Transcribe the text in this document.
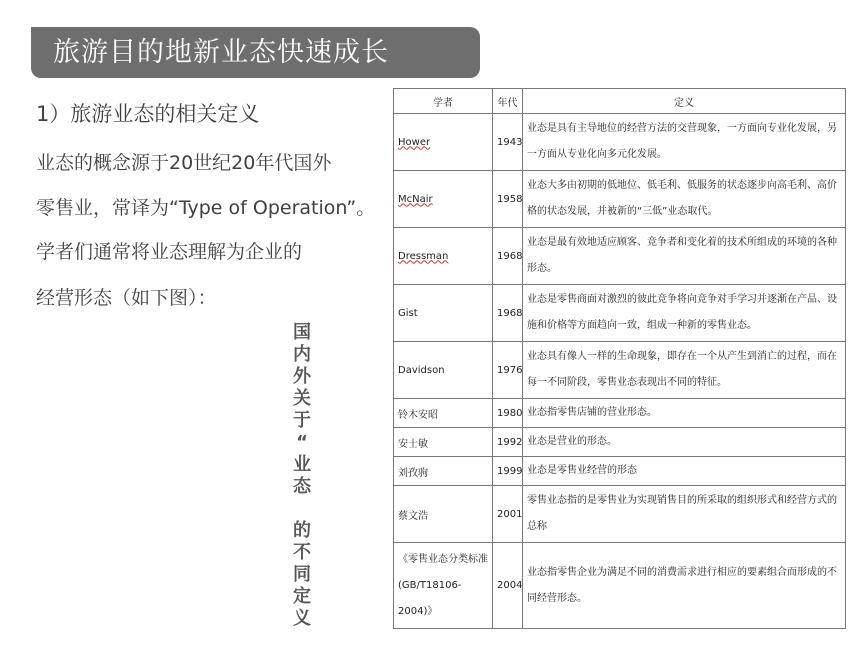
旅游目的地新业态快速成长
1）旅游业态的相关定义
业态的概念源于20世纪20年代国外
零售业，常译为“Type of Operation”。
学者们通常将业态理解为企业的
经营形态（如下图）：
国
内
外
关
于
“
业
态

的
不
同
定
义
学者	年代	定义
Hower	1943	业态是具有主导地位的经营方法的交营现象，一方面向专业化发展，另一方面从专业化向多元化发展。
McNair	1958	业态大多由初期的低地位、低毛利、低服务的状态逐步向高毛利、高价格的状态发展，并被新的“三低”业态取代。
Dressman	1968	业态是最有效地适应顾客、竞争者和变化着的技术所组成的环境的各种形态。
Gist	1968	业态是零售商面对激烈的彼此竞争将向竞争对手学习并逐渐在产品、设施和价格等方面趋向一致，组成一种新的零售业态。
Davidson	1976	业态具有像人一样的生命现象，即存在一个从产生到消亡的过程，而在每一不同阶段，零售业态表现出不同的特征。
铃木安昭	1980	业态指零售店铺的营业形态。
安士敏	1992	业态是营业的形态。
刘孜驹	1999	业态是零售业经营的形态
蔡文浩	2001	零售业态指的是零售业为实现销售目的所采取的组织形式和经营方式的总称
《零售业态分类标准(GB/T18106-2004)》	2004	业态指零售企业为满足不同的消费需求进行相应的要素组合而形成的不同经营形态。
